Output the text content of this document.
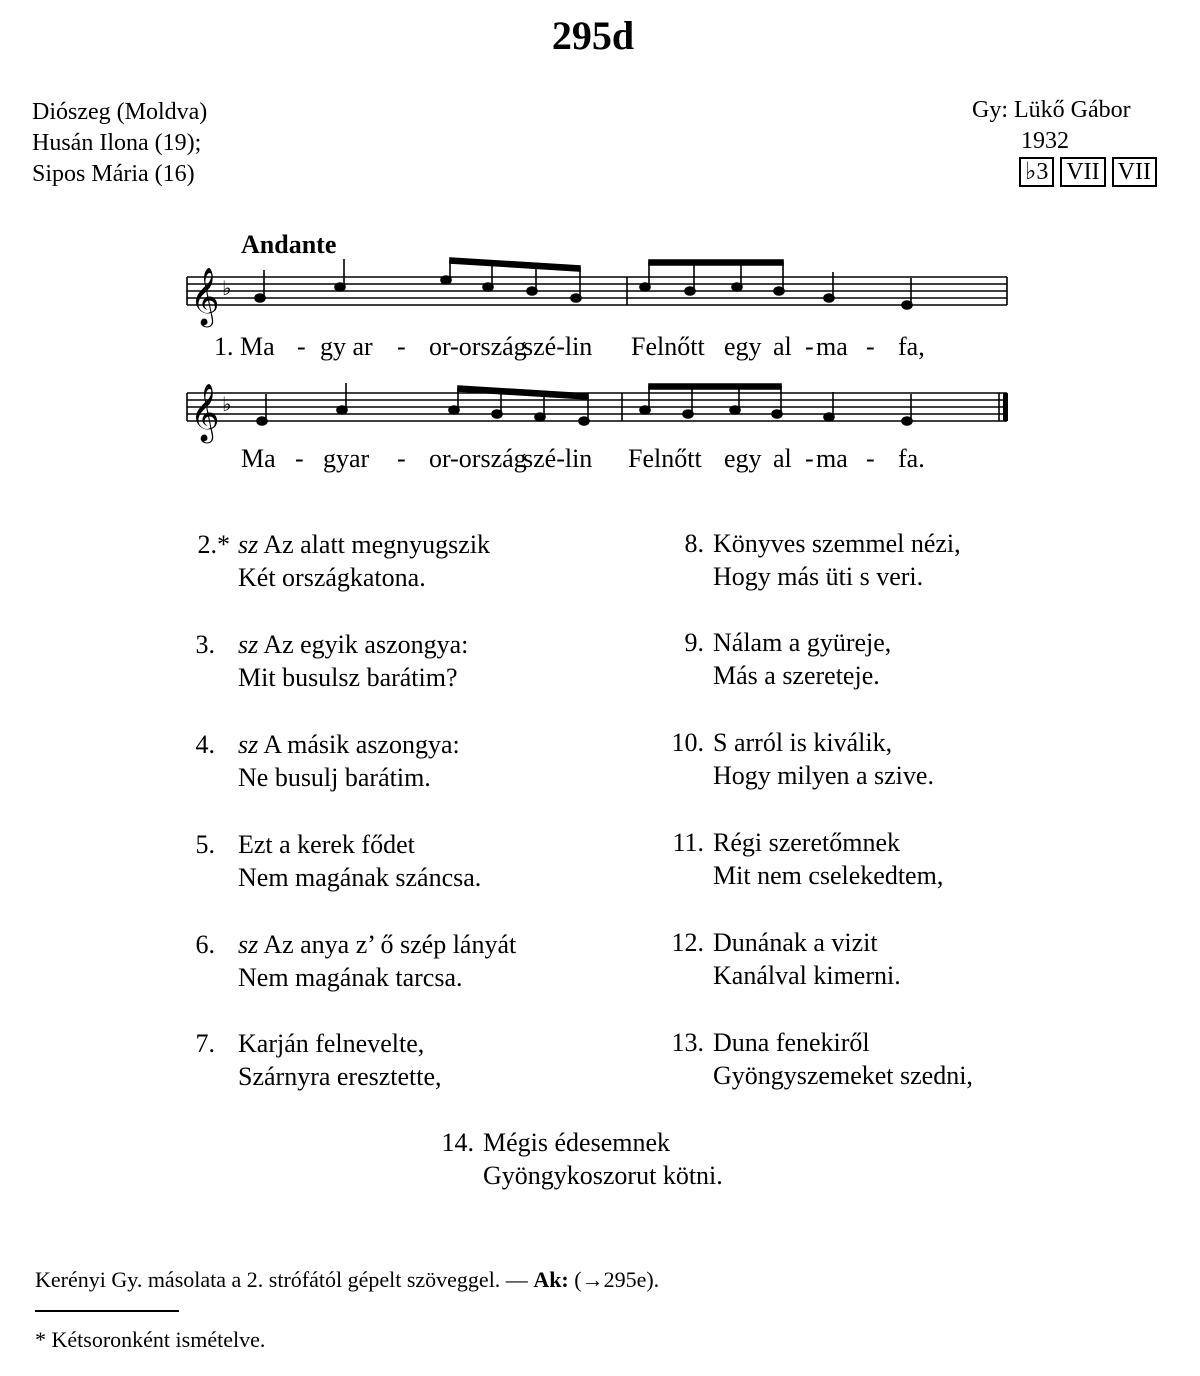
295d
Diószeg (Moldva)
Husán Ilona (19);
Sipos Mária (16)
Gy: Lükő Gábor
1932
♭3 VII VII
Andante
𝄞 ♭
𝄞 ♭
1. Ma - gy ar - or-ország
szé-lin Felnőtt egy al - ma - fa,
Ma - gyar - or-ország
szé-lin Felnőtt egy al - ma - fa.
2.* sz Az alatt megnyugszik
Két országkatona.
3. sz Az egyik aszongya:
Mit busulsz barátim?
4. sz A másik aszongya:
Ne busulj barátim.
5. Ezt a kerek fődet
Nem magának száncsa.
6. sz Az anya z’ ő szép lányát
Nem magának tarcsa.
7. Karján felnevelte,
Szárnyra eresztette,
8. Könyves szemmel nézi,
Hogy más üti s veri.
9. Nálam a gyüreje,
Más a szereteje.
10. S arról is kiválik,
Hogy milyen a szive.
11. Régi szeretőmnek
Mit nem cselekedtem,
12. Dunának a vizit
Kanálval kimerni.
13. Duna fenekiről
Gyöngyszemeket szedni,
14. Mégis édesemnek
Gyöngykoszorut kötni.
Kerényi Gy. másolata a 2. strófától gépelt szöveggel. — Ak: (→295e).
* Kétsoronként ismételve.
